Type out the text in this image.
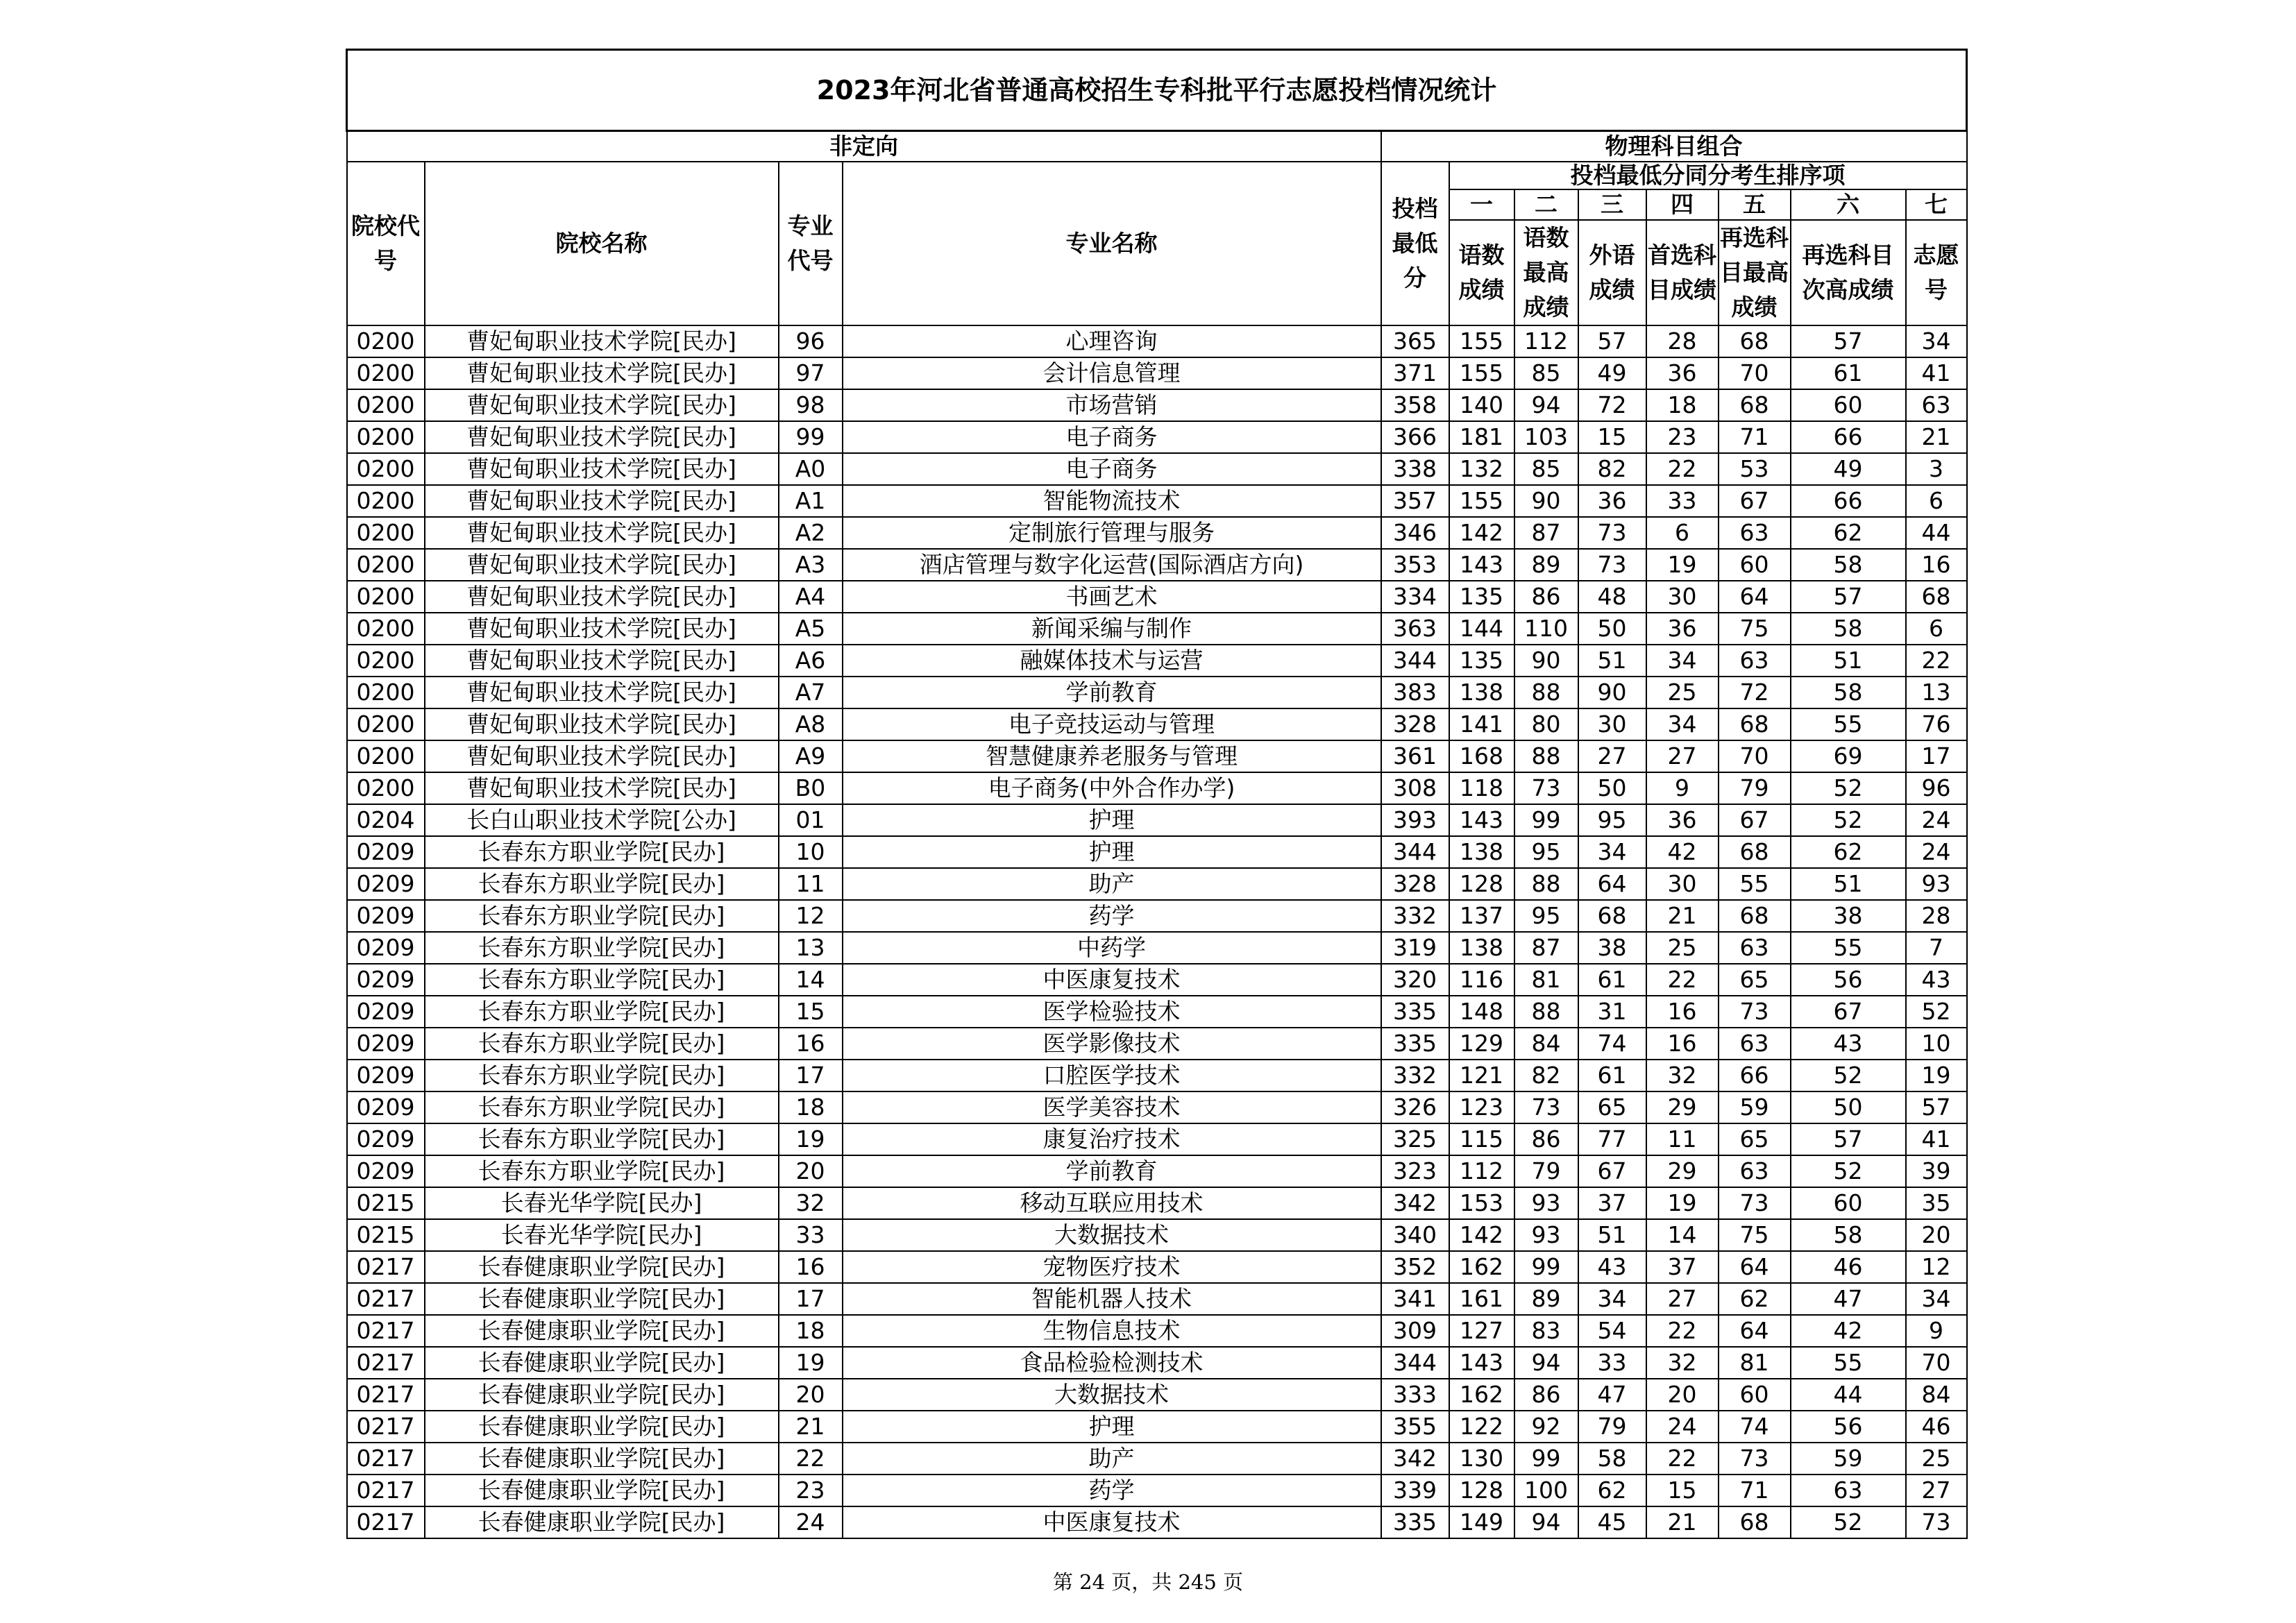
2023年河北省普通高校招生专科批平行志愿投档情况统计											
非定向				物理科目组合							
院校代号	院校名称	专业代号	专业名称	投档最低分	投档最低分同分考生排序项						
					一	二	三	四	五	六	七
					语数成绩	语数最高成绩	外语成绩	首选科目成绩	再选科目最高成绩	再选科目次高成绩	志愿号
0200	曹妃甸职业技术学院[民办]	96	心理咨询	365	155	112	57	28	68	57	34
0200	曹妃甸职业技术学院[民办]	97	会计信息管理	371	155	85	49	36	70	61	41
0200	曹妃甸职业技术学院[民办]	98	市场营销	358	140	94	72	18	68	60	63
0200	曹妃甸职业技术学院[民办]	99	电子商务	366	181	103	15	23	71	66	21
0200	曹妃甸职业技术学院[民办]	A0	电子商务	338	132	85	82	22	53	49	3
0200	曹妃甸职业技术学院[民办]	A1	智能物流技术	357	155	90	36	33	67	66	6
0200	曹妃甸职业技术学院[民办]	A2	定制旅行管理与服务	346	142	87	73	6	63	62	44
0200	曹妃甸职业技术学院[民办]	A3	酒店管理与数字化运营(国际酒店方向)	353	143	89	73	19	60	58	16
0200	曹妃甸职业技术学院[民办]	A4	书画艺术	334	135	86	48	30	64	57	68
0200	曹妃甸职业技术学院[民办]	A5	新闻采编与制作	363	144	110	50	36	75	58	6
0200	曹妃甸职业技术学院[民办]	A6	融媒体技术与运营	344	135	90	51	34	63	51	22
0200	曹妃甸职业技术学院[民办]	A7	学前教育	383	138	88	90	25	72	58	13
0200	曹妃甸职业技术学院[民办]	A8	电子竞技运动与管理	328	141	80	30	34	68	55	76
0200	曹妃甸职业技术学院[民办]	A9	智慧健康养老服务与管理	361	168	88	27	27	70	69	17
0200	曹妃甸职业技术学院[民办]	B0	电子商务(中外合作办学)	308	118	73	50	9	79	52	96
0204	长白山职业技术学院[公办]	01	护理	393	143	99	95	36	67	52	24
0209	长春东方职业学院[民办]	10	护理	344	138	95	34	42	68	62	24
0209	长春东方职业学院[民办]	11	助产	328	128	88	64	30	55	51	93
0209	长春东方职业学院[民办]	12	药学	332	137	95	68	21	68	38	28
0209	长春东方职业学院[民办]	13	中药学	319	138	87	38	25	63	55	7
0209	长春东方职业学院[民办]	14	中医康复技术	320	116	81	61	22	65	56	43
0209	长春东方职业学院[民办]	15	医学检验技术	335	148	88	31	16	73	67	52
0209	长春东方职业学院[民办]	16	医学影像技术	335	129	84	74	16	63	43	10
0209	长春东方职业学院[民办]	17	口腔医学技术	332	121	82	61	32	66	52	19
0209	长春东方职业学院[民办]	18	医学美容技术	326	123	73	65	29	59	50	57
0209	长春东方职业学院[民办]	19	康复治疗技术	325	115	86	77	11	65	57	41
0209	长春东方职业学院[民办]	20	学前教育	323	112	79	67	29	63	52	39
0215	长春光华学院[民办]	32	移动互联应用技术	342	153	93	37	19	73	60	35
0215	长春光华学院[民办]	33	大数据技术	340	142	93	51	14	75	58	20
0217	长春健康职业学院[民办]	16	宠物医疗技术	352	162	99	43	37	64	46	12
0217	长春健康职业学院[民办]	17	智能机器人技术	341	161	89	34	27	62	47	34
0217	长春健康职业学院[民办]	18	生物信息技术	309	127	83	54	22	64	42	9
0217	长春健康职业学院[民办]	19	食品检验检测技术	344	143	94	33	32	81	55	70
0217	长春健康职业学院[民办]	20	大数据技术	333	162	86	47	20	60	44	84
0217	长春健康职业学院[民办]	21	护理	355	122	92	79	24	74	56	46
0217	长春健康职业学院[民办]	22	助产	342	130	99	58	22	73	59	25
0217	长春健康职业学院[民办]	23	药学	339	128	100	62	15	71	63	27
0217	长春健康职业学院[民办]	24	中医康复技术	335	149	94	45	21	68	52	73
第 24 页，共 245 页
